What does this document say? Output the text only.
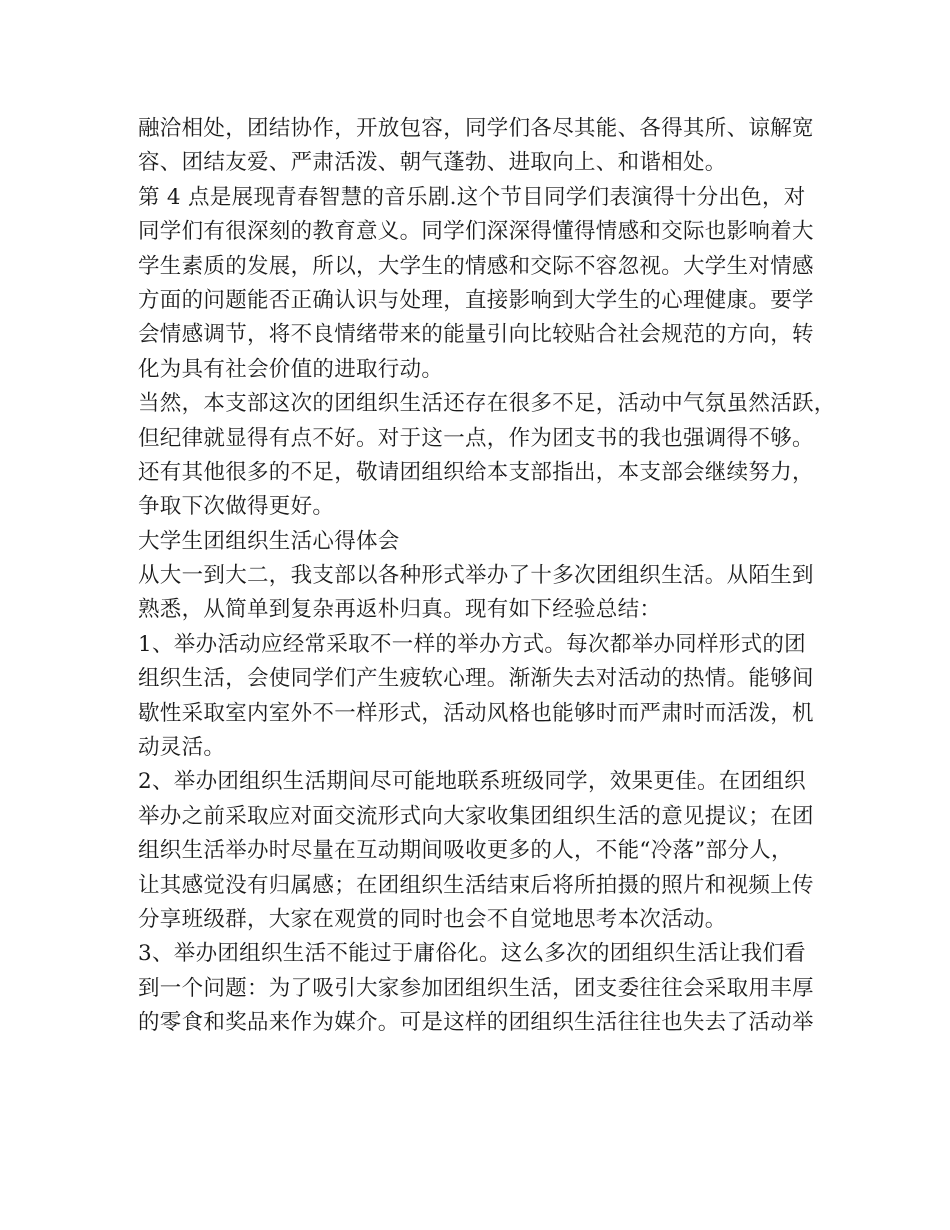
融洽相处，团结协作，开放包容，同学们各尽其能、各得其所、谅解宽
容、团结友爱、严肃活泼、朝气蓬勃、进取向上、和谐相处。
第 4 点是展现青春智慧的音乐剧.这个节目同学们表演得十分出色，对
同学们有很深刻的教育意义。同学们深深得懂得情感和交际也影响着大
学生素质的发展，所以，大学生的情感和交际不容忽视。大学生对情感
方面的问题能否正确认识与处理，直接影响到大学生的心理健康。要学
会情感调节，将不良情绪带来的能量引向比较贴合社会规范的方向，转
化为具有社会价值的进取行动。
当然，本支部这次的团组织生活还存在很多不足，活动中气氛虽然活跃，
但纪律就显得有点不好。对于这一点，作为团支书的我也强调得不够。
还有其他很多的不足，敬请团组织给本支部指出，本支部会继续努力，
争取下次做得更好。
大学生团组织生活心得体会
从大一到大二，我支部以各种形式举办了十多次团组织生活。从陌生到
熟悉，从简单到复杂再返朴归真。现有如下经验总结：
1、举办活动应经常采取不一样的举办方式。每次都举办同样形式的团
组织生活，会使同学们产生疲软心理。渐渐失去对活动的热情。能够间
歇性采取室内室外不一样形式，活动风格也能够时而严肃时而活泼，机
动灵活。
2、举办团组织生活期间尽可能地联系班级同学，效果更佳。在团组织
举办之前采取应对面交流形式向大家收集团组织生活的意见提议；在团
组织生活举办时尽量在互动期间吸收更多的人，不能“冷落”部分人，
让其感觉没有归属感；在团组织生活结束后将所拍摄的照片和视频上传
分享班级群，大家在观赏的同时也会不自觉地思考本次活动。
3、举办团组织生活不能过于庸俗化。这么多次的团组织生活让我们看
到一个问题：为了吸引大家参加团组织生活，团支委往往会采取用丰厚
的零食和奖品来作为媒介。可是这样的团组织生活往往也失去了活动举
